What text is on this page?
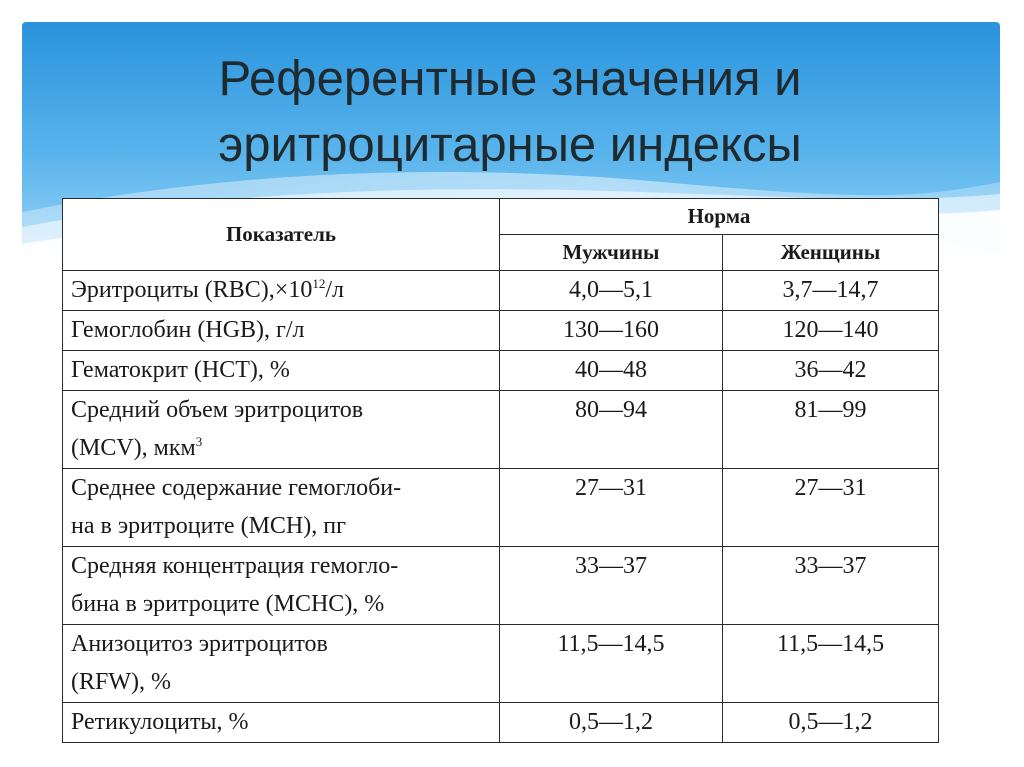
Референтные значения и
эритроцитарные индексы
Показатель	Норма	
	Мужчины	Женщины
Эритроциты $(RBC),\times 10^{12}/л$	4,0—5,1	3,7—14,7
Гемоглобин (HGB), г/л	130—160	120—140
Гематокрит (HCT), %	40—48	36—42

Средний объем эритроцитов
(MCV), мкм$^3$	80—94	81—99

Среднее содержание гемоглоби-
на в эритроците (MCH), пг	27—31	27—31

Средняя концентрация гемогло-
бина в эритроците (MCHC), %	33—37	33—37

Анизоцитоз эритроцитов
(RFW), %	11,5—14,5	11,5—14,5
Ретикулоциты, %	0,5—1,2	0,5—1,2
